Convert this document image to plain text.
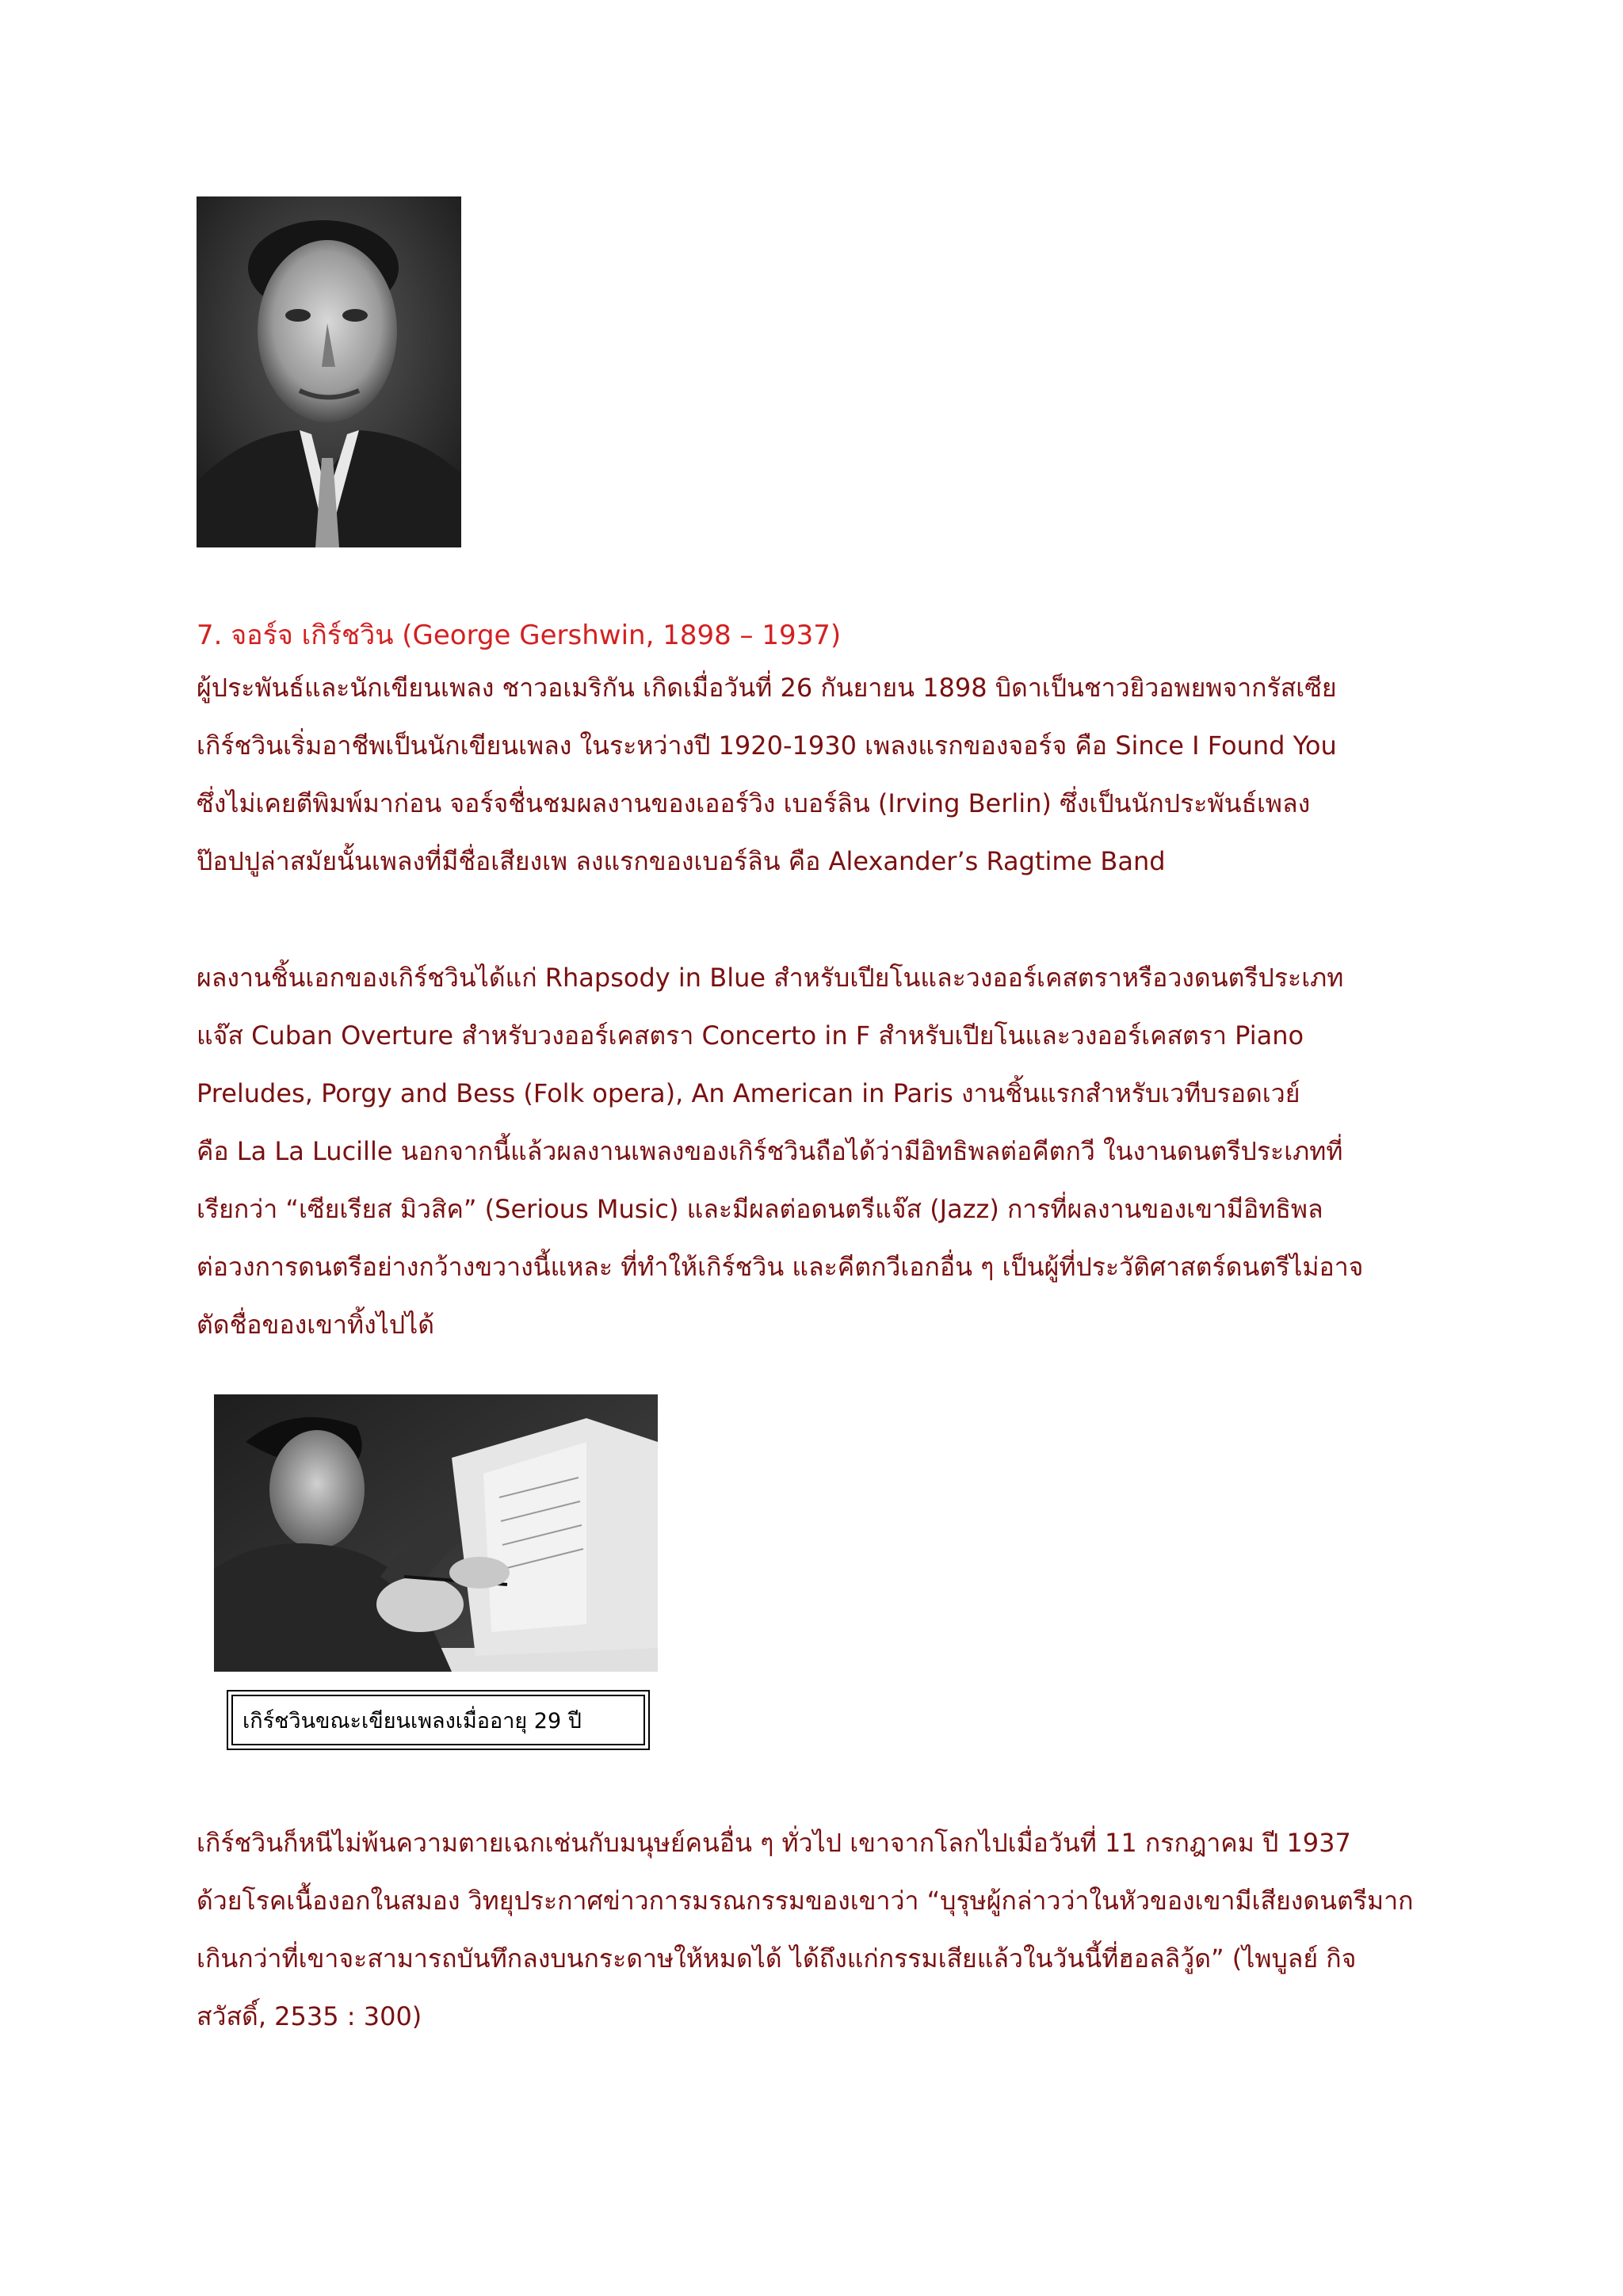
7. จอร์จ เกิร์ชวิน (George Gershwin, 1898 – 1937)
ผู้ประพันธ์และนักเขียนเพลง ชาวอเมริกัน เกิดเมื่อวันที่ 26 กันยายน 1898 บิดาเป็นชาวยิวอพยพจากรัสเซีย
เกิร์ชวินเริ่มอาชีพเป็นนักเขียนเพลง ในระหว่างปี 1920-1930 เพลงแรกของจอร์จ คือ Since I Found You
ซึ่งไม่เคยตีพิมพ์มาก่อน จอร์จชื่นชมผลงานของเออร์วิง เบอร์ลิน (Irving Berlin) ซึ่งเป็นนักประพันธ์เพลง
ป๊อปปูล่าสมัยนั้นเพลงที่มีชื่อเสียงเพ ลงแรกของเบอร์ลิน คือ Alexander’s Ragtime Band
ผลงานชิ้นเอกของเกิร์ชวินได้แก่ Rhapsody in Blue สำหรับเปียโนและวงออร์เคสตราหรือวงดนตรีประเภท
แจ๊ส Cuban Overture สำหรับวงออร์เคสตรา Concerto in F สำหรับเปียโนและวงออร์เคสตรา Piano
Preludes, Porgy and Bess (Folk opera), An American in Paris งานชิ้นแรกสำหรับเวทีบรอดเวย์
คือ La La Lucille นอกจากนี้แล้วผลงานเพลงของเกิร์ชวินถือได้ว่ามีอิทธิพลต่อคีตกวี ในงานดนตรีประเภทที่
เรียกว่า “เซียเรียส มิวสิค” (Serious Music) และมีผลต่อดนตรีแจ๊ส (Jazz) การที่ผลงานของเขามีอิทธิพล
ต่อวงการดนตรีอย่างกว้างขวางนี้แหละ ที่ทำให้เกิร์ชวิน และคีตกวีเอกอื่น ๆ เป็นผู้ที่ประวัติศาสตร์ดนตรีไม่อาจ
ตัดชื่อของเขาทิ้งไปได้
เกิร์ชวินขณะเขียนเพลงเมื่ออายุ 29 ปี
เกิร์ชวินก็หนีไม่พ้นความตายเฉกเช่นกับมนุษย์คนอื่น ๆ ทั่วไป เขาจากโลกไปเมื่อวันที่ 11 กรกฎาคม ปี 1937
ด้วยโรคเนื้องอกในสมอง วิทยุประกาศข่าวการมรณกรรมของเขาว่า “บุรุษผู้กล่าวว่าในหัวของเขามีเสียงดนตรีมาก
เกินกว่าที่เขาจะสามารถบันทึกลงบนกระดาษให้หมดได้ ได้ถึงแก่กรรมเสียแล้วในวันนี้ที่ฮอลลิวู้ด” (ไพบูลย์ กิจ
สวัสดิ์, 2535 : 300)
